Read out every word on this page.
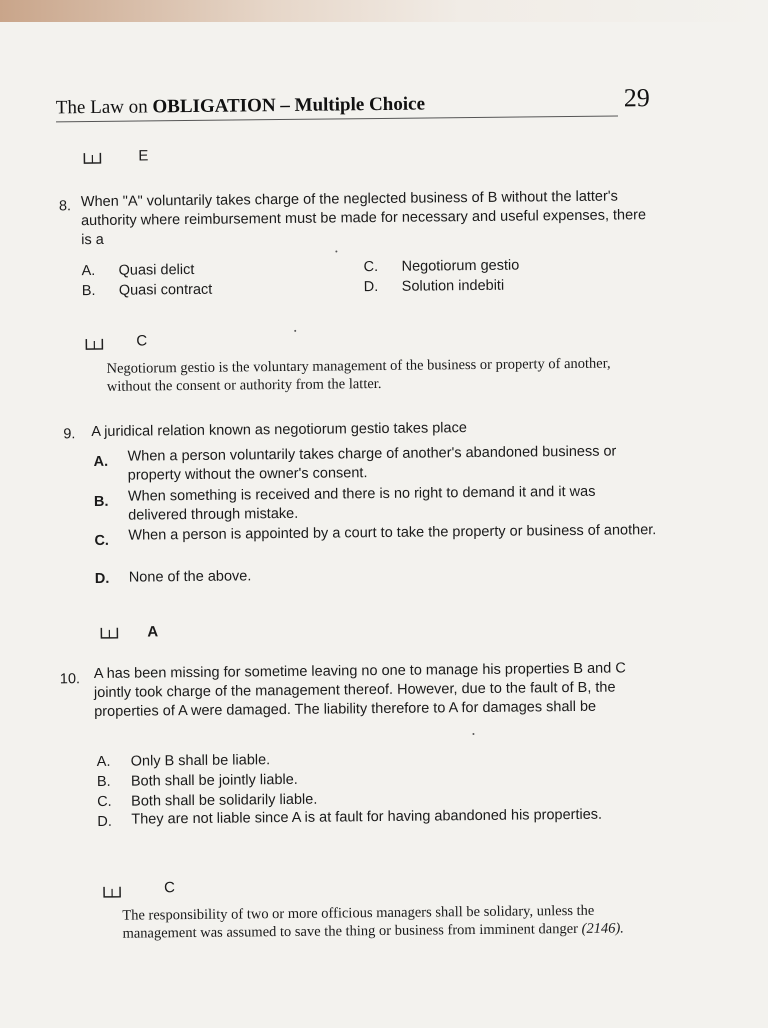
The Law on OBLIGATION – Multiple Choice	29
E
8. When "A" voluntarily takes charge of the neglected business of B without the latter's authority where reimbursement must be made for necessary and useful expenses, there is a
A. Quasi delict
B. Quasi contract
C. Negotiorum gestio
D. Solution indebiti
C
Negotiorum gestio is the voluntary management of the business or property of another, without the consent or authority from the latter.
9. A juridical relation known as negotiorum gestio takes place
A. When a person voluntarily takes charge of another's abandoned business or property without the owner's consent.
B. When something is received and there is no right to demand it and it was delivered through mistake.
C. When a person is appointed by a court to take the property or business of another.
D. None of the above.
A
10. A has been missing for sometime leaving no one to manage his properties B and C jointly took charge of the management thereof. However, due to the fault of B, the properties of A were damaged. The liability therefore to A for damages shall be
A. Only B shall be liable.
B. Both shall be jointly liable.
C. Both shall be solidarily liable.
D. They are not liable since A is at fault for having abandoned his properties.
C
The responsibility of two or more officious managers shall be solidary, unless the management was assumed to save the thing or business from imminent danger (2146).
